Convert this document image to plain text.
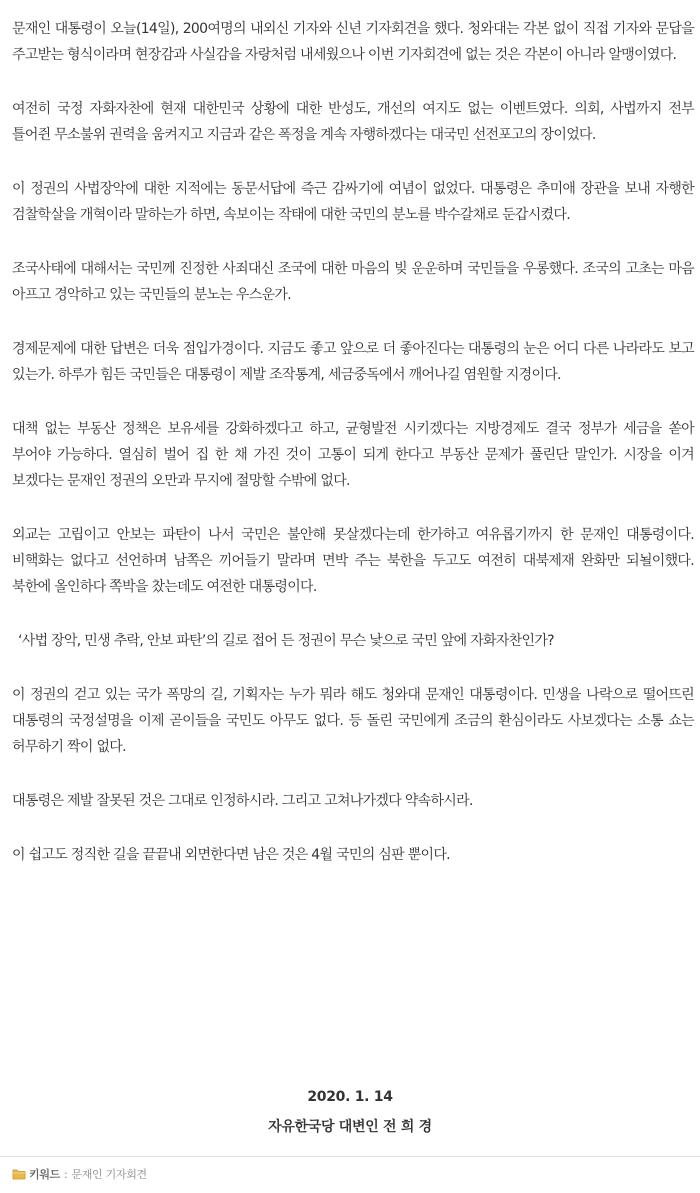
문재인 대통령이 오늘(14일), 200여명의 내외신 기자와 신년 기자회견을 했다. 청와대는 각본 없이 직접 기자와 문답을 주고받는 형식이라며 현장감과 사실감을 자랑처럼 내세웠으나 이번 기자회견에 없는 것은 각본이 아니라 알맹이였다.

여전히 국정 자화자찬에 현재 대한민국 상황에 대한 반성도, 개선의 여지도 없는 이벤트였다. 의회, 사법까지 전부 틀어쥔 무소불위 권력을 움켜지고 지금과 같은 폭정을 계속 자행하겠다는 대국민 선전포고의 장이었다.

이 정권의 사법장악에 대한 지적에는 동문서답에 즉근 감싸기에 여념이 없었다. 대통령은 추미애 장관을 보내 자행한 검찰학살을 개혁이라 말하는가 하면, 속보이는 작태에 대한 국민의 분노를 박수갈채로 둔갑시켰다.

조국사태에 대해서는 국민께 진정한 사죄대신 조국에 대한 마음의 빚 운운하며 국민들을 우롱했다. 조국의 고초는 마음 아프고 경악하고 있는 국민들의 분노는 우스운가.

경제문제에 대한 답변은 더욱 점입가경이다. 지금도 좋고 앞으로 더 좋아진다는 대통령의 눈은 어디 다른 나라라도 보고 있는가. 하루가 힘든 국민들은 대통령이 제발 조작통계, 세금중독에서 깨어나길 염원할 지경이다.

대책 없는 부동산 정책은 보유세를 강화하겠다고 하고, 균형발전 시키겠다는 지방경제도 결국 정부가 세금을 쏟아 부어야 가능하다. 열심히 벌어 집 한 채 가진 것이 고통이 되게 한다고 부동산 문제가 풀린단 말인가. 시장을 이겨 보겠다는 문재인 정권의 오만과 무지에 절망할 수밖에 없다.

외교는 고립이고 안보는 파탄이 나서 국민은 불안해 못살겠다는데 한가하고 여유롭기까지 한 문재인 대통령이다. 비핵화는 없다고 선언하며 남쪽은 끼어들기 말라며 면박 주는 북한을 두고도 여전히 대북제재 완화만 되뇔이했다. 북한에 올인하다 쪽박을 찼는데도 여전한 대통령이다.

‘사법 장악, 민생 추락, 안보 파탄’의 길로 접어 든 정권이 무슨 낯으로 국민 앞에 자화자찬인가?

이 정권의 걷고 있는 국가 폭망의 길, 기획자는 누가 뭐라 해도 청와대 문재인 대통령이다. 민생을 나락으로 떨어뜨린 대통령의 국정설명을 이제 곧이들을 국민도 아무도 없다. 등 돌린 국민에게 조금의 환심이라도 사보겠다는 소통 쇼는 허무하기 짝이 없다.

대통령은 제발 잘못된 것은 그대로 인정하시라. 그리고 고쳐나가겠다 약속하시라.

이 쉽고도 정직한 길을 끝끝내 외면한다면 남은 것은 4월 국민의 심판 뿐이다.

2020. 1. 14
자유한국당 대변인 전 희 경
키워드 : 문재인 기자회견
